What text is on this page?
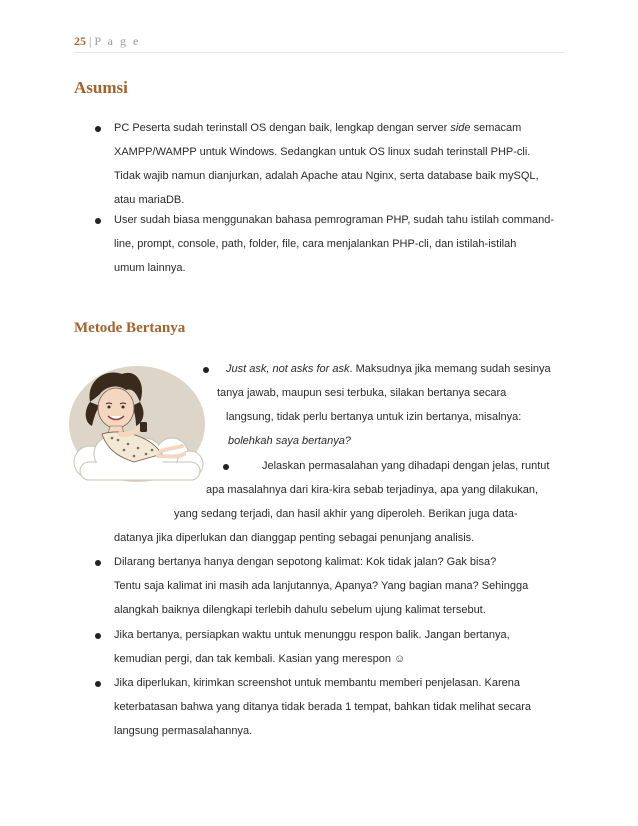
25 | P a g e
Asumsi
PC Peserta sudah terinstall OS dengan baik, lengkap dengan server side semacam
XAMPP/WAMPP untuk Windows. Sedangkan untuk OS linux sudah terinstall PHP-cli.
Tidak wajib namun dianjurkan, adalah Apache atau Nginx, serta database baik mySQL,
atau mariaDB.
User sudah biasa menggunakan bahasa pemrograman PHP, sudah tahu istilah command-
line, prompt, console, path, folder, file, cara menjalankan PHP-cli, dan istilah-istilah
umum lainnya.
Metode Bertanya
Just ask, not asks for ask. Maksudnya jika memang sudah sesinya
tanya jawab, maupun sesi terbuka, silakan bertanya secara
langsung, tidak perlu bertanya untuk izin bertanya, misalnya:
bolehkah saya bertanya?
Jelaskan permasalahan yang dihadapi dengan jelas, runtut
apa masalahnya dari kira-kira sebab terjadinya, apa yang dilakukan,
yang sedang terjadi, dan hasil akhir yang diperoleh. Berikan juga data-
datanya jika diperlukan dan dianggap penting sebagai penunjang analisis.
Dilarang bertanya hanya dengan sepotong kalimat: Kok tidak jalan? Gak bisa?
Tentu saja kalimat ini masih ada lanjutannya, Apanya? Yang bagian mana? Sehingga
alangkah baiknya dilengkapi terlebih dahulu sebelum ujung kalimat tersebut.
Jika bertanya, persiapkan waktu untuk menunggu respon balik. Jangan bertanya,
kemudian pergi, dan tak kembali. Kasian yang merespon ☺
Jika diperlukan, kirimkan screenshot untuk membantu memberi penjelasan. Karena
keterbatasan bahwa yang ditanya tidak berada 1 tempat, bahkan tidak melihat secara
langsung permasalahannya.
